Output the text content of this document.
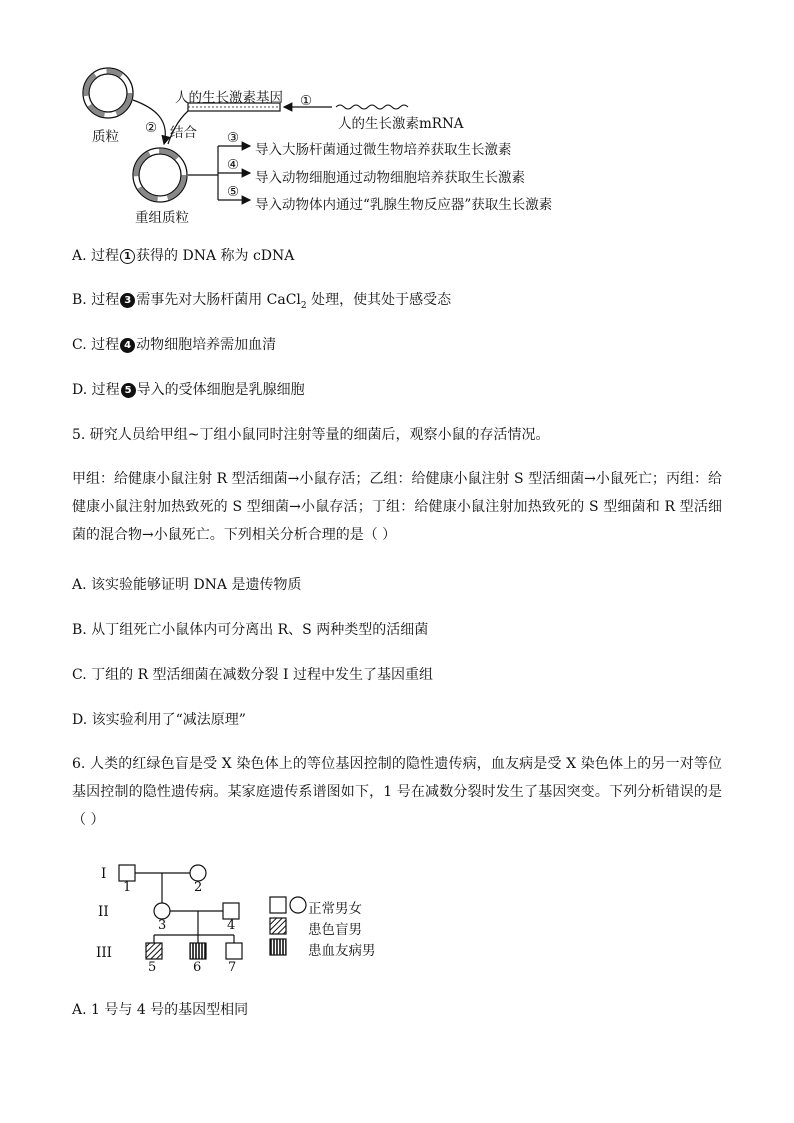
质粒
② 结合
人的生长激素基因 ①
人的生长激素mRNA
重组质粒
③
导入大肠杆菌通过微生物培养获取生长激素
④
导入动物细胞通过动物细胞培养获取生长激素
⑤
导入动物体内通过“乳腺生物反应器”获取生长激素
A. 过程 1 获得的 DNA 称为 cDNA
B. 过程 3 需事先对大肠杆菌用 CaCl$_2$ 处理，使其处于感受态
C. 过程 4 动物细胞培养需加血清
D. 过程 5 导入的受体细胞是乳腺细胞
5. 研究人员给甲组~丁组小鼠同时注射等量的细菌后，观察小鼠的存活情况。
甲组：给健康小鼠注射 R 型活细菌→小鼠存活；乙组：给健康小鼠注射 S 型活细菌→小鼠死亡；丙组：给健康小鼠注射加热致死的 S 型细菌→小鼠存活；丁组：给健康小鼠注射加热致死的 S 型细菌和 R 型活细菌的混合物→小鼠死亡。下列相关分析合理的是（ ）
A. 该实验能够证明 DNA 是遗传物质
B. 从丁组死亡小鼠体内可分离出 R、S 两种类型的活细菌
C. 丁组的 R 型活细菌在减数分裂 I 过程中发生了基因重组
D. 该实验利用了“减法原理”
6. 人类的红绿色盲是受 X 染色体上的等位基因控制的隐性遗传病，血友病是受 X 染色体上的另一对等位基因控制的隐性遗传病。某家庭遗传系谱图如下，1 号在减数分裂时发生了基因突变。下列分析错误的是（ ）
I
II
III
1	2
3	4
5	6 7
正常男女
患色盲男
患血友病男
A. 1 号与 4 号的基因型相同
